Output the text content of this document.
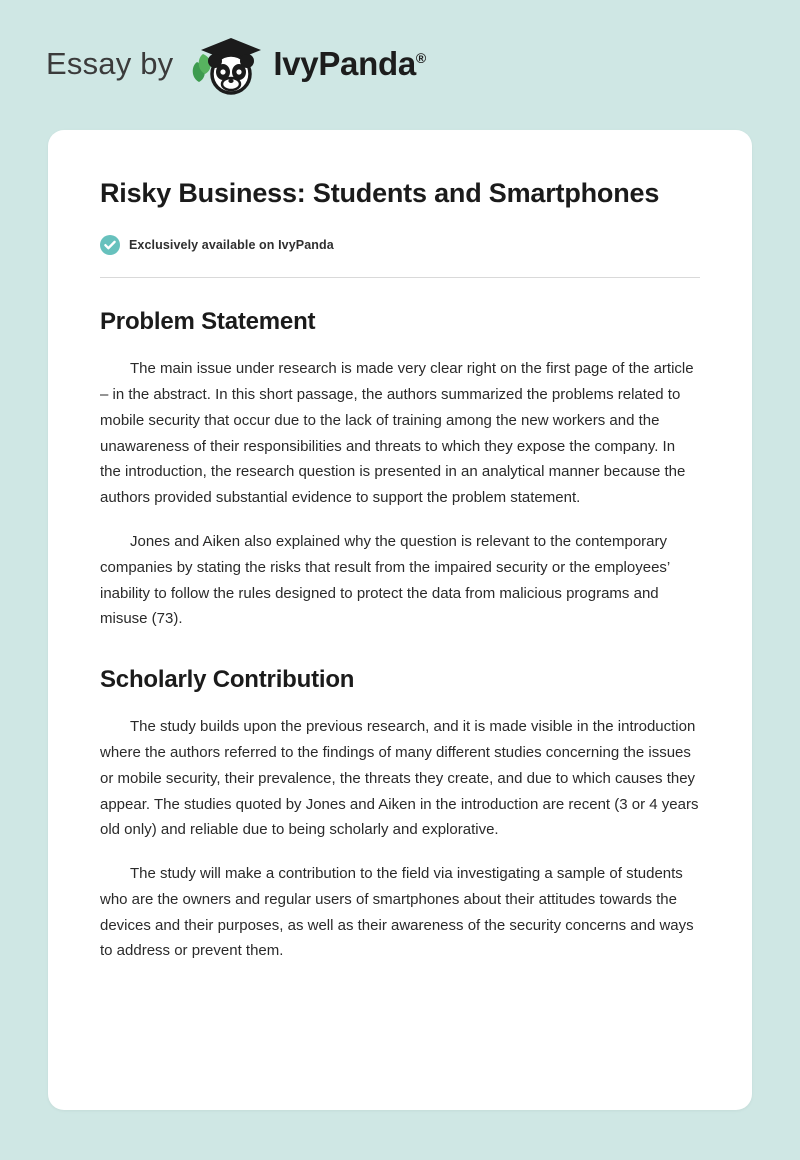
Essay by	IvyPanda®
Risky Business: Students and Smartphones
Exclusively available on IvyPanda
Problem Statement

The main issue under research is made very clear right on the first page of the article – in the abstract. In this short passage, the authors summarized the problems related to mobile security that occur due to the lack of training among the new workers and the unawareness of their responsibilities and threats to which they expose the company. In the introduction, the research question is presented in an analytical manner because the authors provided substantial evidence to support the problem statement.

Jones and Aiken also explained why the question is relevant to the contemporary companies by stating the risks that result from the impaired security or the employees’ inability to follow the rules designed to protect the data from malicious programs and misuse (73).

Scholarly Contribution

The study builds upon the previous research, and it is made visible in the introduction where the authors referred to the findings of many different studies concerning the issues or mobile security, their prevalence, the threats they create, and due to which causes they appear. The studies quoted by Jones and Aiken in the introduction are recent (3 or 4 years old only) and reliable due to being scholarly and explorative.

The study will make a contribution to the field via investigating a sample of students who are the owners and regular users of smartphones about their attitudes towards the devices and their purposes, as well as their awareness of the security concerns and ways to address or prevent them.
